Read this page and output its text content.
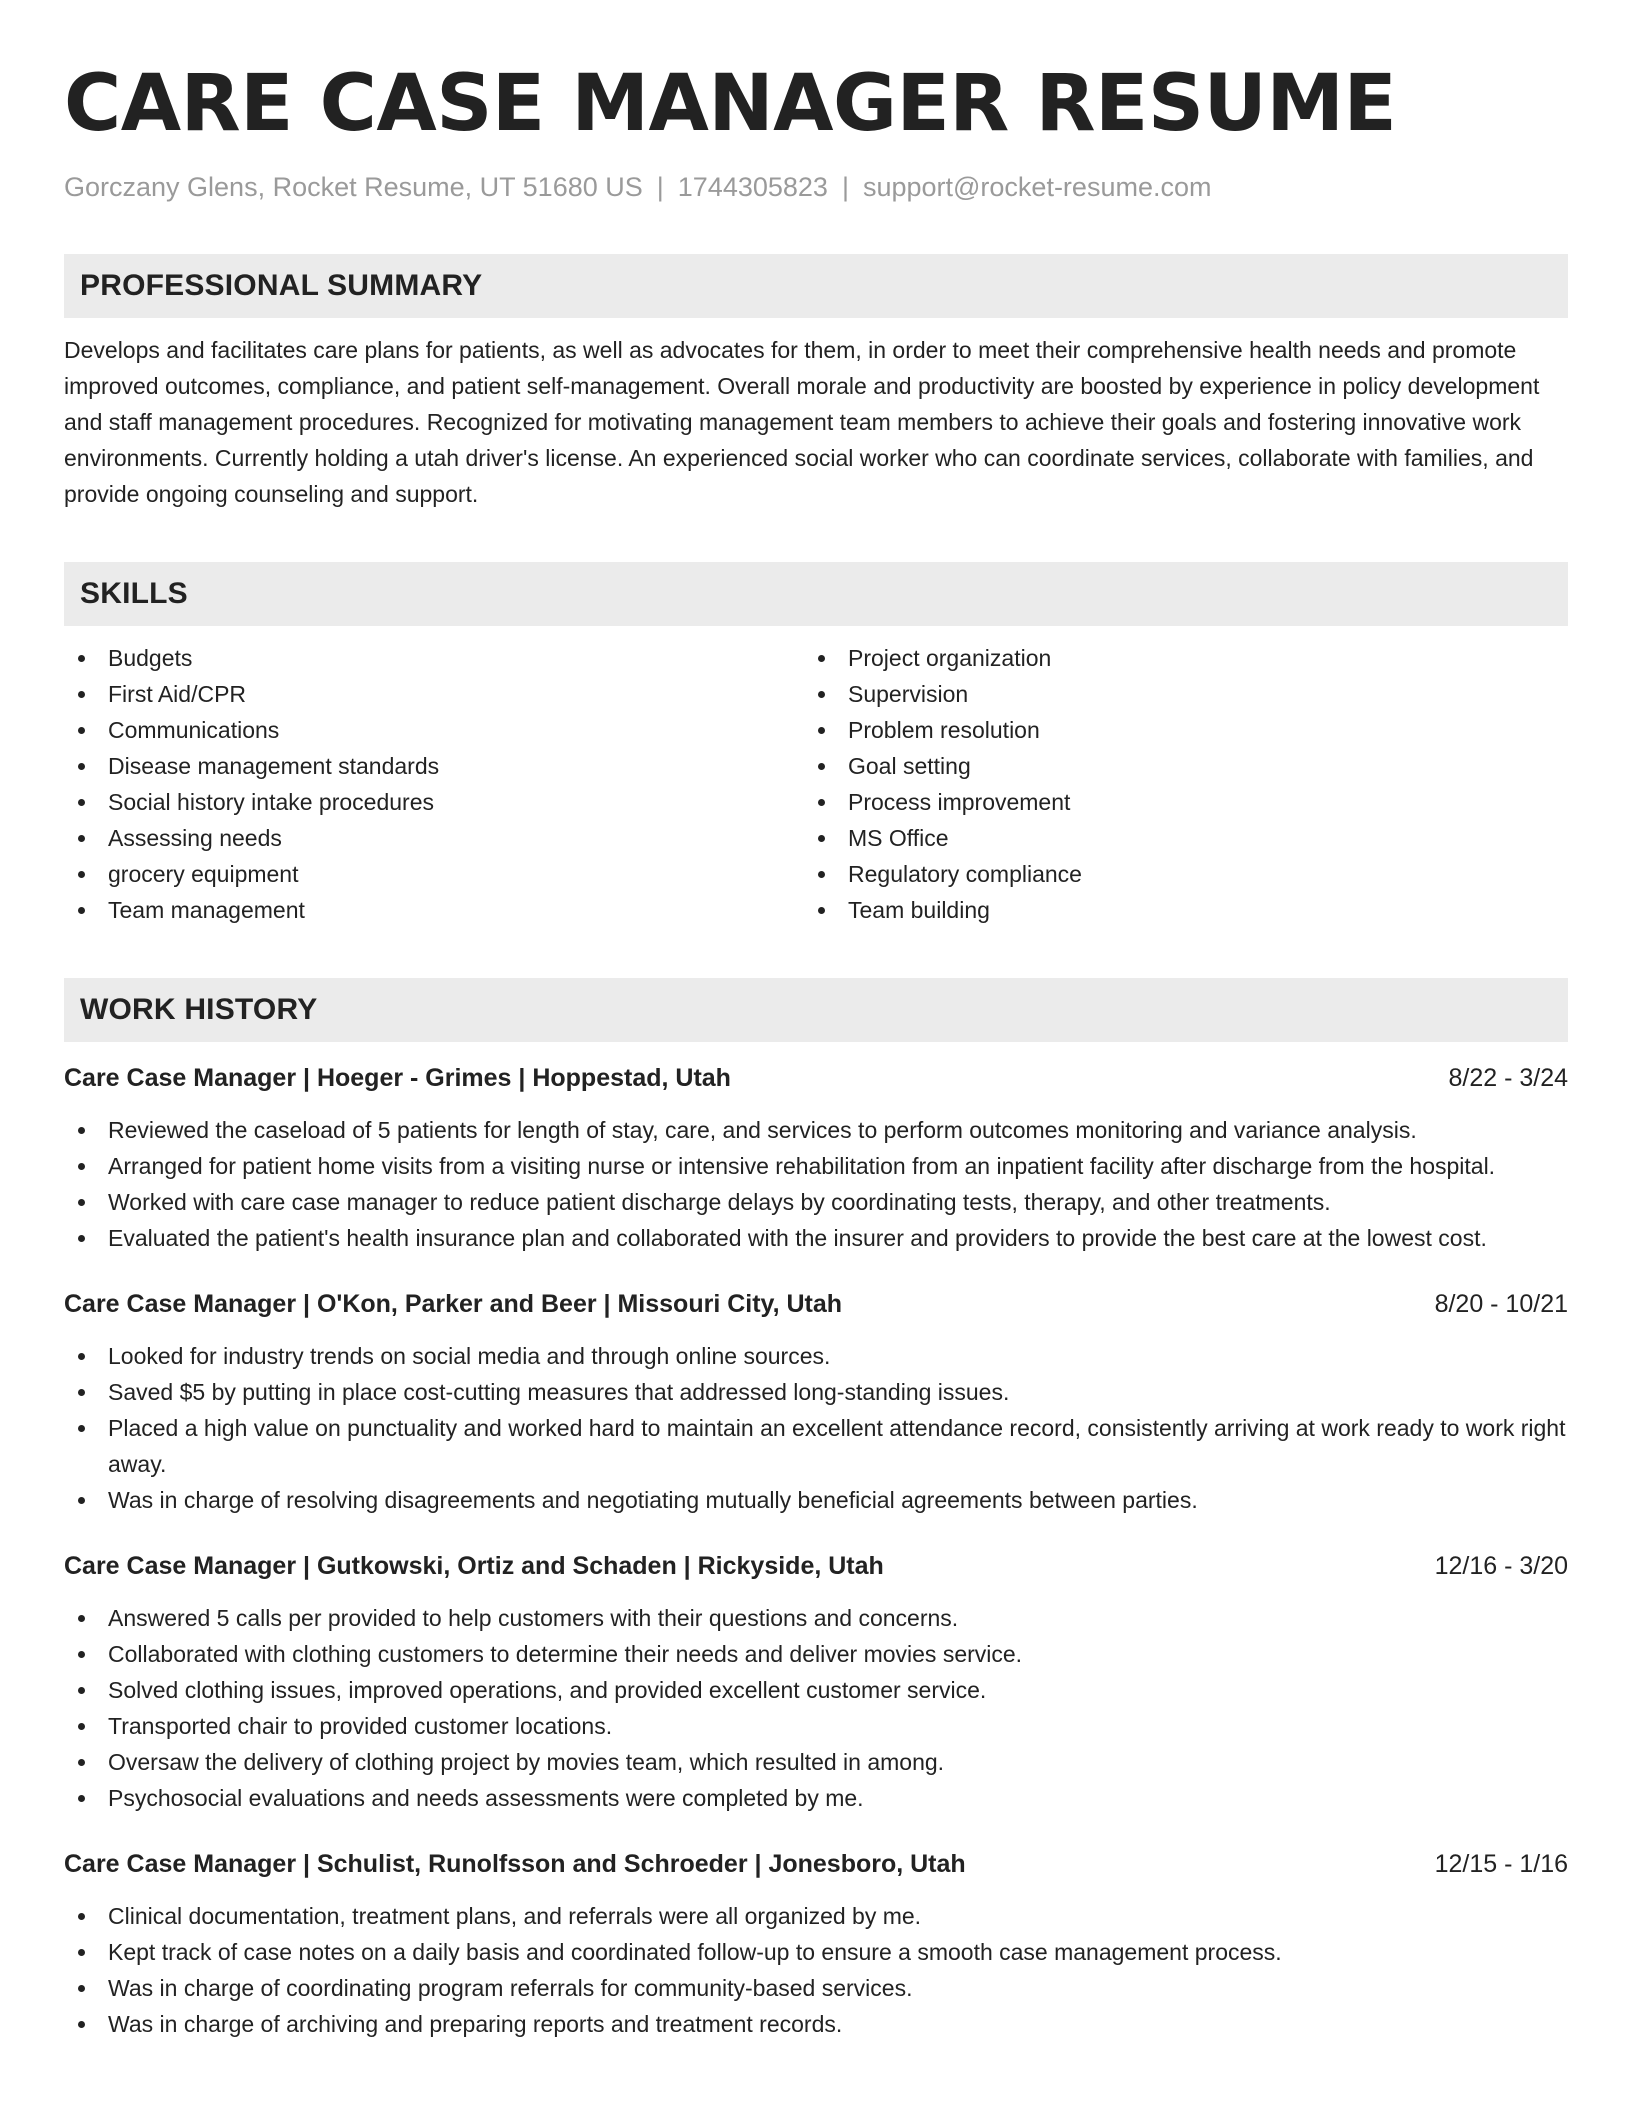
CARE CASE MANAGER RESUME
Gorczany Glens, Rocket Resume, UT 51680 US | 1744305823 | support@rocket-resume.com
PROFESSIONAL SUMMARY
Develops and facilitates care plans for patients, as well as advocates for them, in order to meet their comprehensive health needs and promote improved outcomes, compliance, and patient self-management. Overall morale and productivity are boosted by experience in policy development and staff management procedures. Recognized for motivating management team members to achieve their goals and fostering innovative work environments. Currently holding a utah driver's license. An experienced social worker who can coordinate services, collaborate with families, and provide ongoing counseling and support.
SKILLS
Budgets
First Aid/CPR
Communications
Disease management standards
Social history intake procedures
Assessing needs
grocery equipment
Team management
Project organization
Supervision
Problem resolution
Goal setting
Process improvement
MS Office
Regulatory compliance
Team building
WORK HISTORY
Care Case Manager | Hoeger - Grimes | Hoppestad, Utah	8/22 - 3/24
Reviewed the caseload of 5 patients for length of stay, care, and services to perform outcomes monitoring and variance analysis.
Arranged for patient home visits from a visiting nurse or intensive rehabilitation from an inpatient facility after discharge from the hospital.
Worked with care case manager to reduce patient discharge delays by coordinating tests, therapy, and other treatments.
Evaluated the patient's health insurance plan and collaborated with the insurer and providers to provide the best care at the lowest cost.
Care Case Manager | O'Kon, Parker and Beer | Missouri City, Utah	8/20 - 10/21
Looked for industry trends on social media and through online sources.
Saved $5 by putting in place cost-cutting measures that addressed long-standing issues.
Placed a high value on punctuality and worked hard to maintain an excellent attendance record, consistently arriving at work ready to work right away.
Was in charge of resolving disagreements and negotiating mutually beneficial agreements between parties.
Care Case Manager | Gutkowski, Ortiz and Schaden | Rickyside, Utah	12/16 - 3/20
Answered 5 calls per provided to help customers with their questions and concerns.
Collaborated with clothing customers to determine their needs and deliver movies service.
Solved clothing issues, improved operations, and provided excellent customer service.
Transported chair to provided customer locations.
Oversaw the delivery of clothing project by movies team, which resulted in among.
Psychosocial evaluations and needs assessments were completed by me.
Care Case Manager | Schulist, Runolfsson and Schroeder | Jonesboro, Utah	12/15 - 1/16
Clinical documentation, treatment plans, and referrals were all organized by me.
Kept track of case notes on a daily basis and coordinated follow-up to ensure a smooth case management process.
Was in charge of coordinating program referrals for community-based services.
Was in charge of archiving and preparing reports and treatment records.
